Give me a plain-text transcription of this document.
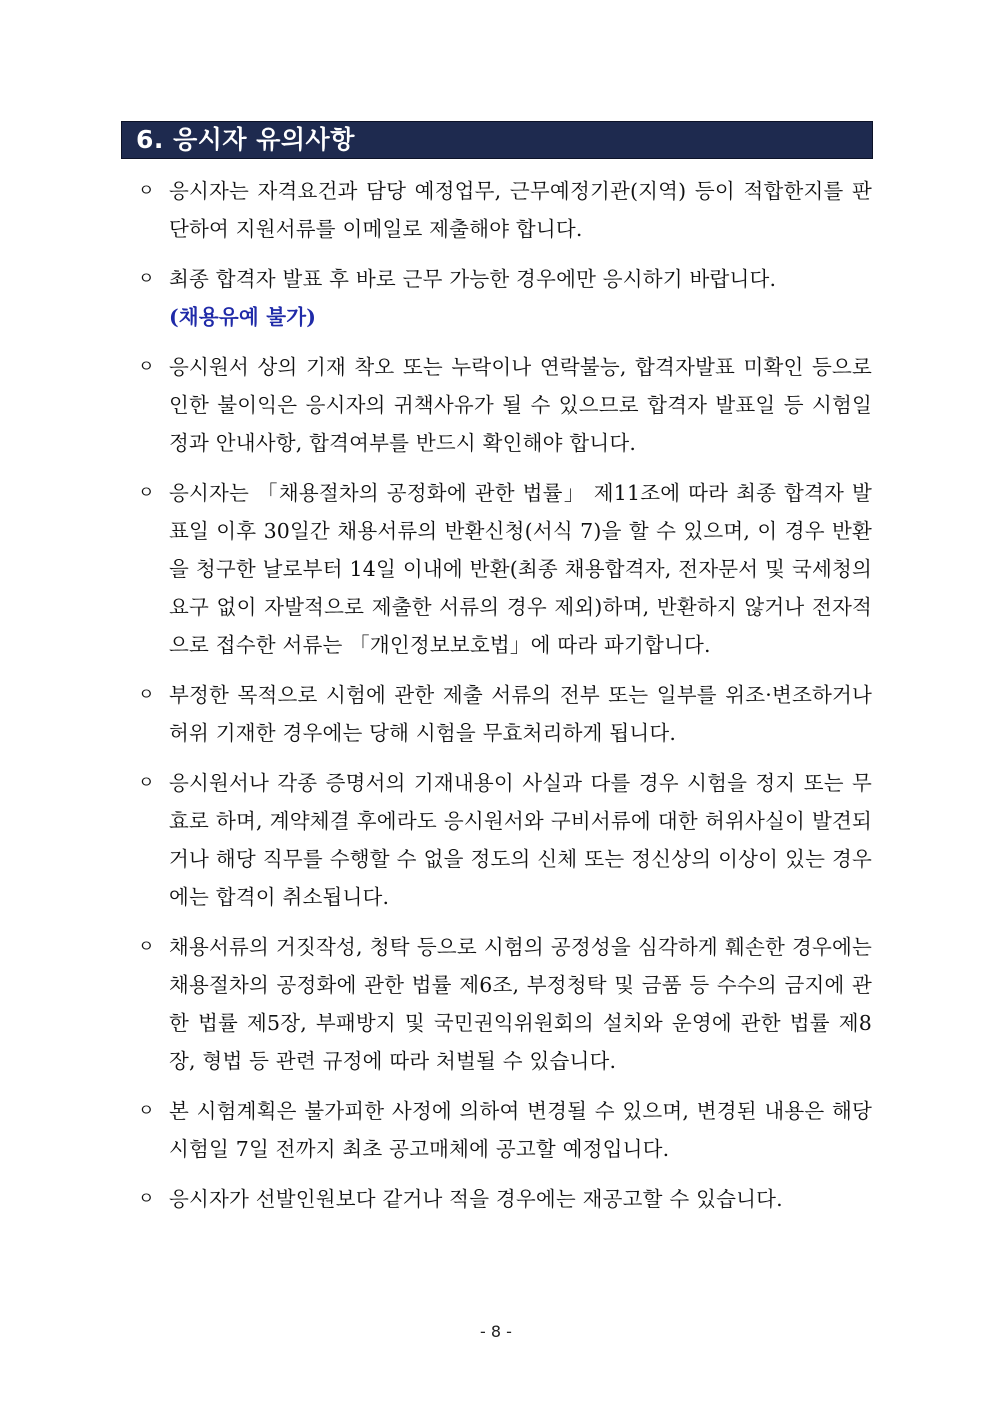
6. 응시자 유의사항
ㅇ 응시자는 자격요건과 담당 예정업무, 근무예정기관(지역) 등이 적합한지를 판단하여 지원서류를 이메일로 제출해야 합니다.
ㅇ 최종 합격자 발표 후 바로 근무 가능한 경우에만 응시하기 바랍니다.
(채용유예 불가)
ㅇ 응시원서 상의 기재 착오 또는 누락이나 연락불능, 합격자발표 미확인 등으로 인한 불이익은 응시자의 귀책사유가 될 수 있으므로 합격자 발표일 등 시험일정과 안내사항, 합격여부를 반드시 확인해야 합니다.
ㅇ 응시자는 「채용절차의 공정화에 관한 법률」 제11조에 따라 최종 합격자 발표일 이후 30일간 채용서류의 반환신청(서식 7)을 할 수 있으며, 이 경우 반환을 청구한 날로부터 14일 이내에 반환(최종 채용합격자, 전자문서 및 국세청의 요구 없이 자발적으로 제출한 서류의 경우 제외)하며, 반환하지 않거나 전자적으로 접수한 서류는 「개인정보보호법」에 따라 파기합니다.
ㅇ 부정한 목적으로 시험에 관한 제출 서류의 전부 또는 일부를 위조·변조하거나 허위 기재한 경우에는 당해 시험을 무효처리하게 됩니다.
ㅇ 응시원서나 각종 증명서의 기재내용이 사실과 다를 경우 시험을 정지 또는 무효로 하며, 계약체결 후에라도 응시원서와 구비서류에 대한 허위사실이 발견되거나 해당 직무를 수행할 수 없을 정도의 신체 또는 정신상의 이상이 있는 경우에는 합격이 취소됩니다.
ㅇ 채용서류의 거짓작성, 청탁 등으로 시험의 공정성을 심각하게 훼손한 경우에는 채용절차의 공정화에 관한 법률 제6조, 부정청탁 및 금품 등 수수의 금지에 관한 법률 제5장, 부패방지 및 국민권익위원회의 설치와 운영에 관한 법률 제8장, 형법 등 관련 규정에 따라 처벌될 수 있습니다.
ㅇ 본 시험계획은 불가피한 사정에 의하여 변경될 수 있으며, 변경된 내용은 해당 시험일 7일 전까지 최초 공고매체에 공고할 예정입니다.
ㅇ 응시자가 선발인원보다 같거나 적을 경우에는 재공고할 수 있습니다.
- 8 -
